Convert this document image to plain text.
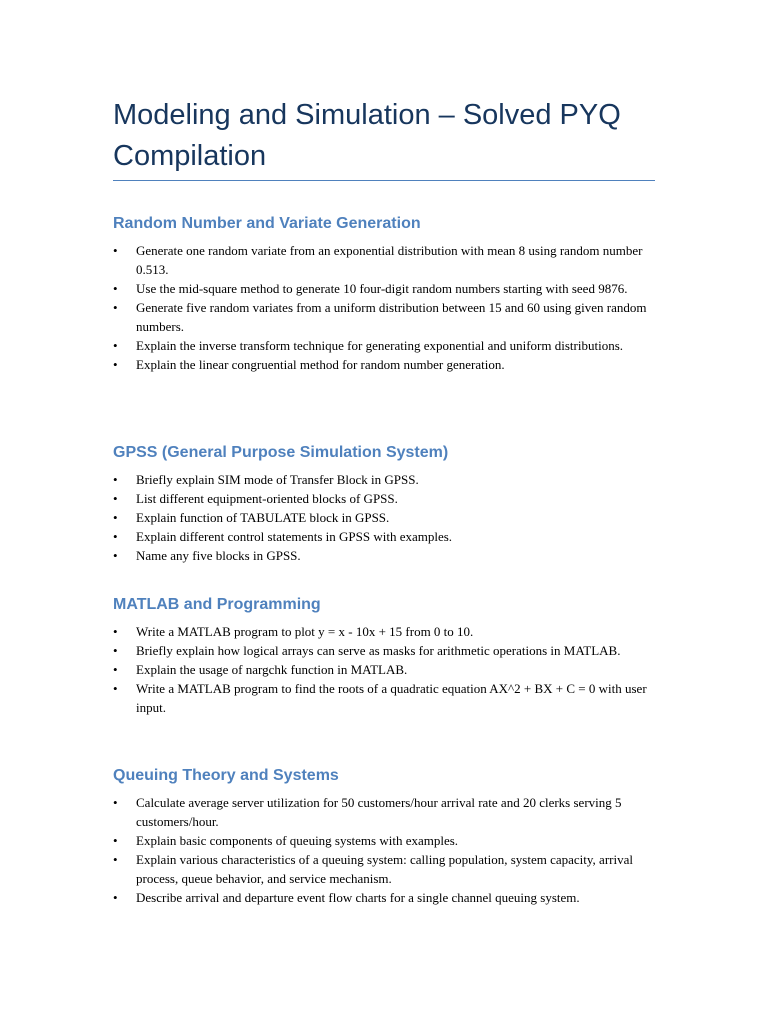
Modeling and Simulation – Solved PYQ Compilation
Random Number and Variate Generation
• Generate one random variate from an exponential distribution with mean 8 using random number 0.513.
• Use the mid-square method to generate 10 four-digit random numbers starting with seed 9876.
• Generate five random variates from a uniform distribution between 15 and 60 using given random numbers.
• Explain the inverse transform technique for generating exponential and uniform distributions.
• Explain the linear congruential method for random number generation.
GPSS (General Purpose Simulation System)
• Briefly explain SIM mode of Transfer Block in GPSS.
• List different equipment-oriented blocks of GPSS.
• Explain function of TABULATE block in GPSS.
• Explain different control statements in GPSS with examples.
• Name any five blocks in GPSS.
MATLAB and Programming
• Write a MATLAB program to plot y = x - 10x + 15 from 0 to 10.
• Briefly explain how logical arrays can serve as masks for arithmetic operations in MATLAB.
• Explain the usage of nargchk function in MATLAB.
• Write a MATLAB program to find the roots of a quadratic equation AX^2 + BX + C = 0 with user input.
Queuing Theory and Systems
• Calculate average server utilization for 50 customers/hour arrival rate and 20 clerks serving 5 customers/hour.
• Explain basic components of queuing systems with examples.
• Explain various characteristics of a queuing system: calling population, system capacity, arrival process, queue behavior, and service mechanism.
• Describe arrival and departure event flow charts for a single channel queuing system.
